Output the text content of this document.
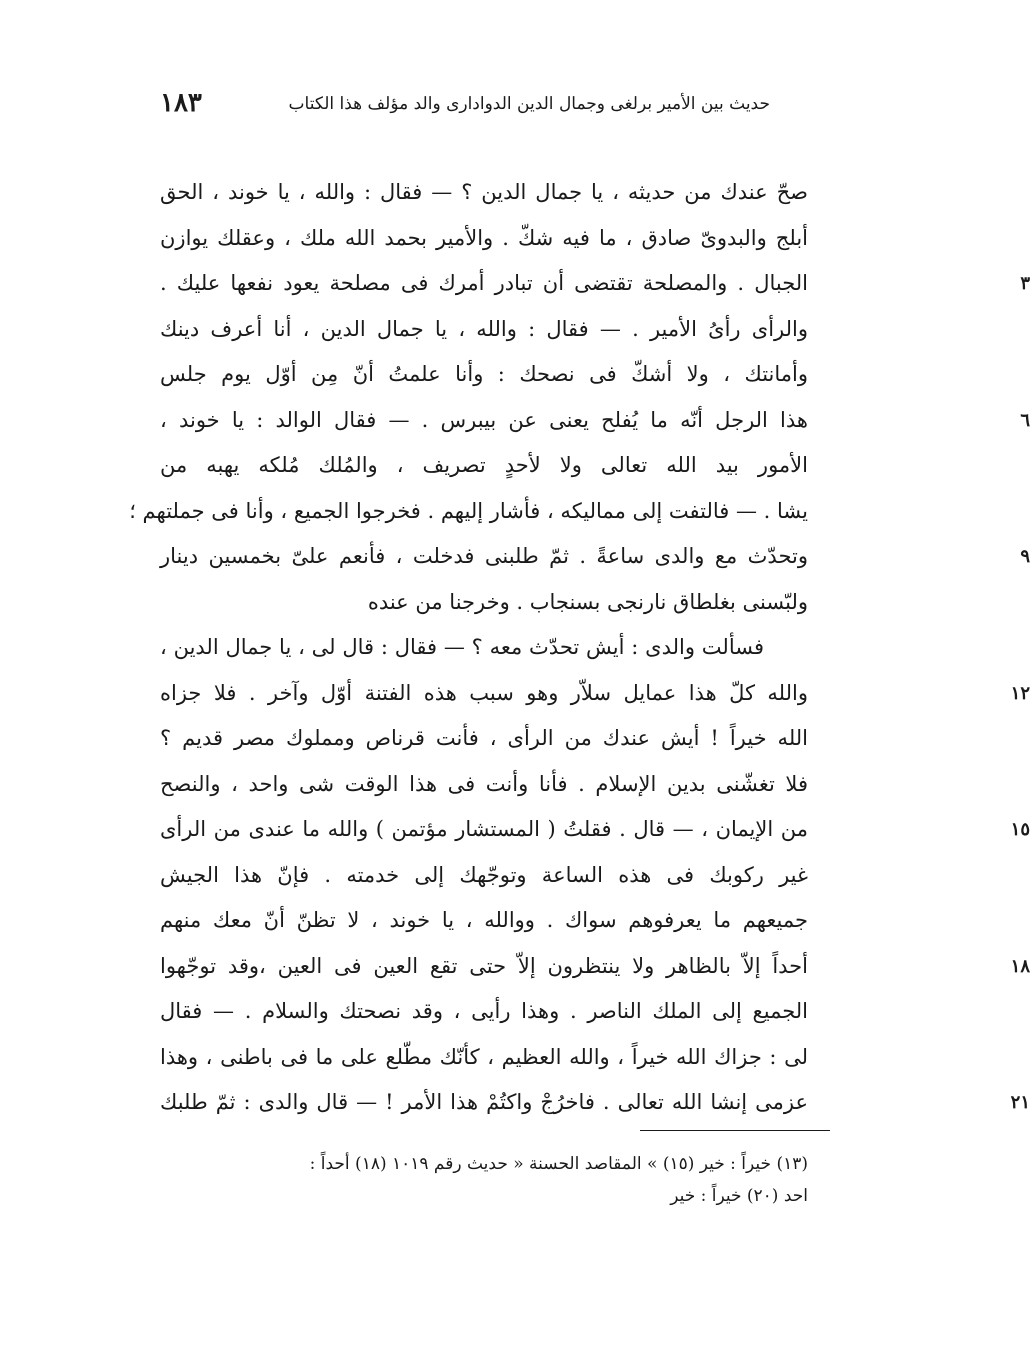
حديث بين الأمير برلغى وجمال الدين الدوادارى والد مؤلف هذا الكتاب
١٨٣
صحّ عندك من حديثه ، يا جمال الدين ؟ — فقال : والله ، يا خوند ، الحق
أبلج والبدوىّ صادق ، ما فيه شكّ . والأمير بحمد الله ملك ، وعقلك يوازن
الجبال . والمصلحة تقتضى أن تبادر أمرك فى مصلحة يعود نفعها عليك .	٣
والرأى رأىُ الأمير . — فقال : والله ، يا جمال الدين ، أنا أعرف دينك
وأمانتك ، ولا أشكّ فى نصحك : وأنا علمتُ أنّ مِن أوّل يوم جلس
هذا الرجل أنّه ما يُفلح يعنى عن بيبرس . — فقال الوالد : يا خوند ،	٦
الأمور بيد الله تعالى ولا لأحدٍ تصريف ، والمُلك مُلكه يهبه من
يشا . — فالتفت إلى مماليكه ، فأشار إليهم . فخرجوا الجميع ، وأنا فى جملتهم ؛
وتحدّث مع والدى ساعةً . ثمّ طلبنى فدخلت ، فأنعم علىّ بخمسين دينار	٩
ولبّسنى بغلطاق نارنجى بسنجاب . وخرجنا من عنده
فسألت والدى : أيش تحدّث معه ؟ — فقال : قال لى ، يا جمال الدين ،
والله كلّ هذا عمايل سلاّر وهو سبب هذه الفتنة أوّل وآخر . فلا جزاه	١٢
الله خيراً ! أيش عندك من الرأى ، فأنت قرناص ومملوك مصر قديم ؟
فلا تغشّنى بدين الإسلام . فأنا وأنت فى هذا الوقت شى واحد ، والنصح
من الإيمان ، — قال . فقلتُ ( المستشار مؤتمن ) والله ما عندى من الرأى	١٥
غير ركوبك فى هذه الساعة وتوجّهك إلى خدمته . فإنّ هذا الجيش
جميعهم ما يعرفوهم سواك . ووالله ، يا خوند ، لا تظنّ أنّ معك منهم
أحداً إلاّ بالظاهر ولا ينتظرون إلاّ حتى تقع العين فى العين ،وقد توجّهوا	١٨
الجميع إلى الملك الناصر . وهذا رأيى ، وقد نصحتك والسلام . — فقال
لى : جزاك الله خيراً ، والله العظيم ، كأنّك مطّلع على ما فى باطنى ، وهذا
عزمى إنشا الله تعالى . فاخرُجْ واكتُمْ هذا الأمر ! — قال والدى : ثمّ طلبك	٢١
(١٣) خيراً : خير (١٥) » المقاصد الحسنة « حديث رقم ١٠١٩ (١٨) أحداً :
احد (٢٠) خيراً : خير
